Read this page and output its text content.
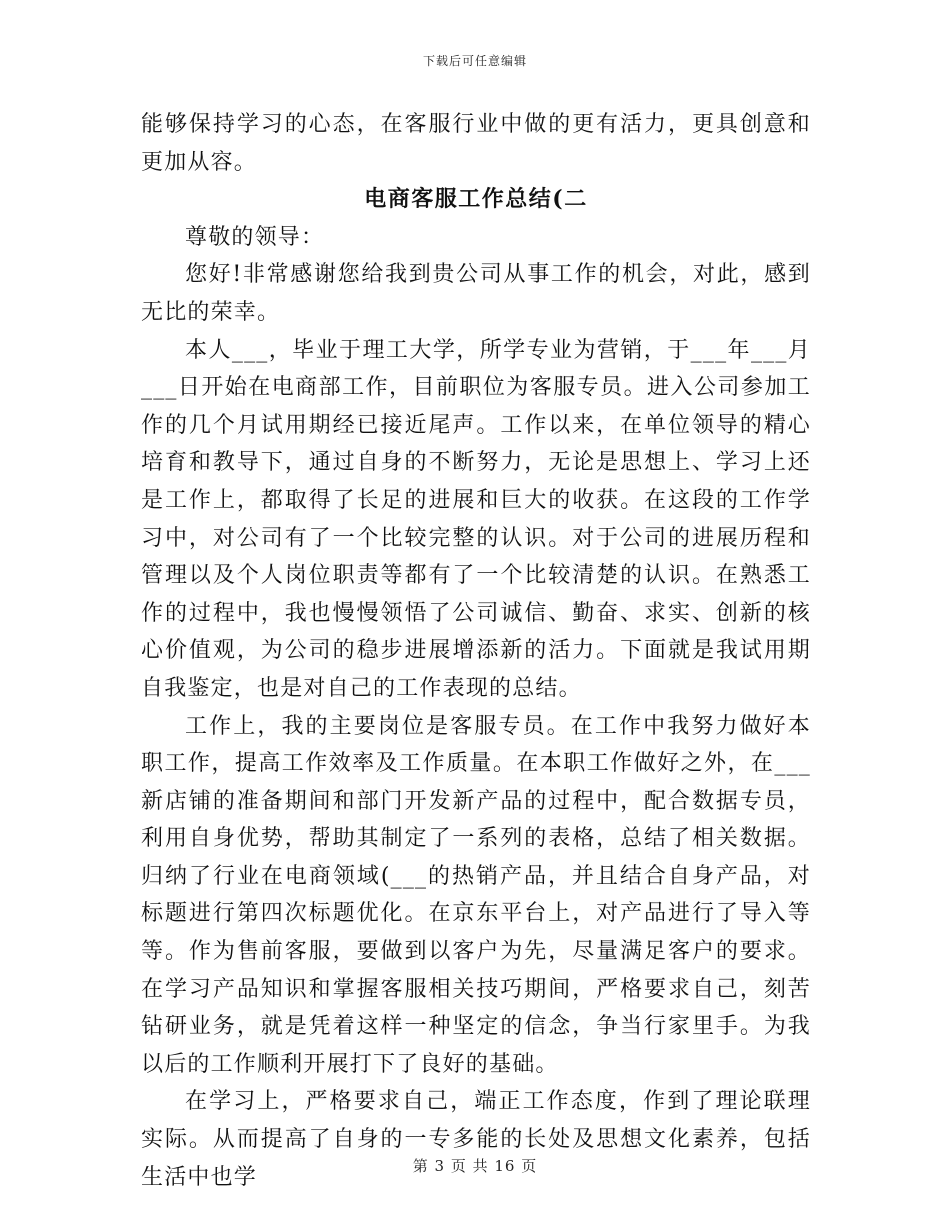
下载后可任意编辑

能够保持学习的心态，在客服行业中做的更有活力，更具创意和更加从容。

电商客服工作总结(二

尊敬的领导：

您好!非常感谢您给我到贵公司从事工作的机会，对此，感到无比的荣幸。

本人___，毕业于理工大学，所学专业为营销，于___年___月___日开始在电商部工作，目前职位为客服专员。进入公司参加工作的几个月试用期经已接近尾声。工作以来，在单位领导的精心培育和教导下，通过自身的不断努力，无论是思想上、学习上还是工作上，都取得了长足的进展和巨大的收获。在这段的工作学习中，对公司有了一个比较完整的认识。对于公司的进展历程和管理以及个人岗位职责等都有了一个比较清楚的认识。在熟悉工作的过程中，我也慢慢领悟了公司诚信、勤奋、求实、创新的核心价值观，为公司的稳步进展增添新的活力。下面就是我试用期自我鉴定，也是对自己的工作表现的总结。

工作上，我的主要岗位是客服专员。在工作中我努力做好本职工作，提高工作效率及工作质量。在本职工作做好之外，在___新店铺的准备期间和部门开发新产品的过程中，配合数据专员，利用自身优势，帮助其制定了一系列的表格，总结了相关数据。归纳了行业在电商领域(___的热销产品，并且结合自身产品，对标题进行第四次标题优化。在京东平台上，对产品进行了导入等等。作为售前客服，要做到以客户为先，尽量满足客户的要求。在学习产品知识和掌握客服相关技巧期间，严格要求自己，刻苦钻研业务，就是凭着这样一种坚定的信念，争当行家里手。为我以后的工作顺利开展打下了良好的基础。

在学习上，严格要求自己，端正工作态度，作到了理论联理实际。从而提高了自身的一专多能的长处及思想文化素养，包括生活中也学	第 3 页 共 16 页
